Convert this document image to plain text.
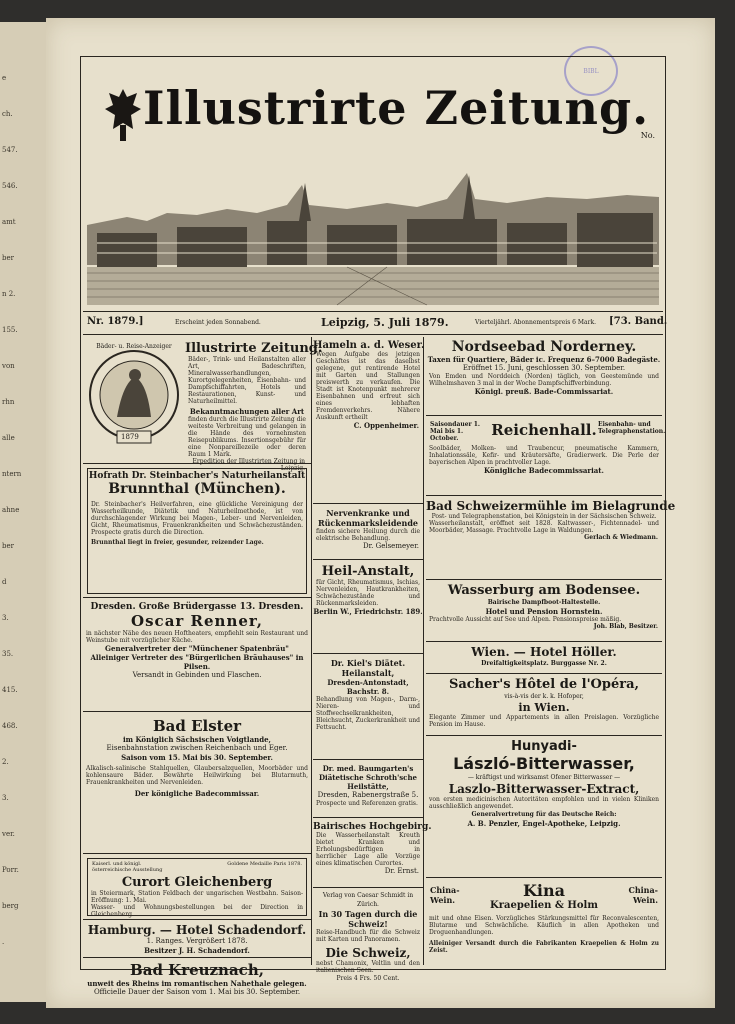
e
ch.
547.
546.
amt
ber
n 2.
155.
von
rhn
alle
ntern
ahne
ber
d
3.
35.
415.
468.
2.
3.
ver.
Porr.
berg
.
BIBL
Illustrirte Zeitung.
No.
Nr. 1879.]	Erscheint jeden Sonnabend.	Leipzig, 5. Juli 1879.	Vierteljährl. Abonnementspreis 6 Mark. [73. Band.
Bäder- u. Reise-Anzeiger
1879
Illustrirte Zeitung.
Bäder-, Trink- und Heilanstalten aller Art, Badeschriften, Mineralwasserhandlungen, Kurortgelegenheiten, Eisenbahn- und Dampfschiffahrten, Hotels und Restaurationen, Kunst- und Naturheilmittel.
Bekanntmachungen aller Art
finden durch die Illustrirte Zeitung die weiteste Verbreitung und gelangen in die Hände des vornehmsten Reisepublikums. Insertionsgebühr für eine Nonpareillezeile oder deren Raum 1 Mark.
Erpedition der Illustrirten Zeitung in Leipzig.
Hofrath Dr. Steinbacher's Naturheilanstalt
Brunnthal (München).
Dr. Steinbacher's Heilverfahren, eine glückliche Vereinigung der Wasserheilkunde, Diätetik und Naturheilmethode, ist von durchschlagender Wirkung bei Magen-, Leber- und Nervenleiden, Gicht, Rheumatismus, Frauenkrankheiten und Schwächezuständen. Prospecte gratis durch die Direction.
Brunnthal liegt in freier, gesunder, reizender Lage.
Dresden. Große Brüdergasse 13. Dresden.
Oscar Renner,
in nächster Nähe des neuen Hoftheaters, empfiehlt sein Restaurant und Weinstube mit vorzüglicher Küche.
Generalvertreter der "Münchener Spatenbräu"
Alleiniger Vertreter des "Bürgerlichen Bräuhauses" in Pilsen.
Versandt in Gebinden und Flaschen.
Bad Elster
im Königlich Sächsischen Voigtlande,
Eisenbahnstation zwischen Reichenbach und Eger.
Saison vom 15. Mai bis 30. September.
Alkalisch-salinische Stahlquellen, Glaubersalzquellen, Moorbäder und kohlensaure Bäder. Bewährte Heilwirkung bei Blutarmuth, Frauenkrankheiten und Nervenleiden.
Der königliche Badecommissar.
Kaiserl. und königl. österreichische Ausstellung
Goldene Medaille Paris 1878.
Curort Gleichenberg
in Steiermark, Station Feldbach der ungarischen Westbahn. Saison-Eröffnung: 1. Mai.
Wasser- und Wohnungsbestellungen bei der Direction in Gleichenberg.
Hamburg. — Hotel Schadendorf.
1. Ranges. Vergrößert 1878.
Besitzer J. H. Schadendorf.
Bad Kreuznach,
unweit des Rheins im romantischen Nahethale gelegen.
Officielle Dauer der Saison vom 1. Mai bis 30. September.
Hameln a. d. Weser.
Wegen Aufgabe des jetzigen Geschäftes ist das daselbst gelegene, gut rentirende Hotel mit Garten und Stallungen preiswerth zu verkaufen. Die Stadt ist Knotenpunkt mehrerer Eisenbahnen und erfreut sich eines lebhaften Fremdenverkehrs. Nähere Auskunft ertheilt
C. Oppenheimer.
Nervenkranke und Rückenmarksleidende
finden sichere Heilung durch die elektrische Behandlung.
Dr. Gelsemeyer.
Heil-Anstalt,
für Gicht, Rheumatismus, Ischias, Nervenleiden, Hautkrankheiten, Schwächezustände und Rückenmarksleiden.
Berlin W., Friedrichstr. 189.
Dr. Kiel's Diätet. Heilanstalt,
Dresden-Antonstadt, Bachstr. 8.
Behandlung von Magen-, Darm-, Nieren- und Stoffwechselkrankheiten, Bleichsucht, Zuckerkrankheit und Fettsucht.
Dr. med. Baumgarten's Diätetische Schroth'sche Heilstätte,
Dresden, Rabenergstraße 5.
Prospecte und Referenzen gratis.
Bairisches Hochgebirg.
Die Wasserheilanstalt Kreuth bietet Kranken und Erholungsbedürftigen in herrlicher Lage alle Vorzüge eines klimatischen Curortes.
Dr. Ernst.
Verlag von Caesar Schmidt in Zürich.
In 30 Tagen durch die Schweiz!
Reise-Handbuch für die Schweiz mit Karten und Panoramen.
Die Schweiz,
nebst Chamonix, Veltlin und den italienischen Seen.
Preis 4 Frs. 50 Cent.
Nordseebad Norderney.
Taxen für Quartiere, Bäder ic. Frequenz 6–7000 Badegäste.
Eröffnet 15. Juni, geschlossen 30. September.
Von Emden und Norddeich (Norden) täglich, von Geestemünde und Wilhelmshaven 3 mal in der Woche Dampfschiffverbindung.
Königl. preuß. Bade-Commissariat.
Saisondauer 1. Mai bis 1. October.
Eisenbahn- und Telegraphenstation.
Reichenhall.
Soolbäder, Molken- und Traubencur, pneumatische Kammern, Inhalationssäle, Kefir- und Kräutersäfte, Gradierwerk. Die Perle der bayerischen Alpen in prachtvoller Lage.
Königliche Badecommissariat.
Bad Schweizermühle im Bielagrunde
Post- und Telegraphenstation, bei Königstein in der Sächsischen Schweiz.
Wasserheilanstalt, eröffnet seit 1828. Kaltwasser-, Fichtennadel- und Moorbäder, Massage. Prachtvolle Lage in Waldungen.
Gerlach & Wiedmann.
Wasserburg am Bodensee.
Bairische Dampfboot-Haltestelle.
Hotel und Pension Hornstein.
Prachtvolle Aussicht auf See und Alpen. Pensionspreise mäßig.
Joh. Blab, Besitzer.
Wien. — Hotel Höller.
Dreifaltigkeitsplatz. Burggasse Nr. 2.
Sacher's Hôtel de l'Opéra,
vis-à-vis der k. k. Hofoper,
in Wien.
Elegante Zimmer und Appartements in allen Preislagen. Vorzügliche Pension im Hause.
Hunyadi-
László-Bitterwasser,
— kräftigst und wirksamst Ofener Bitterwasser —
Laszlo-Bitterwasser-Extract,
von ersten medicinischen Autoritäten empfohlen und in vielen Kliniken ausschließlich angewendet.
Generalvertretung für das Deutsche Reich:
A. B. Penzler, Engel-Apotheke, Leipzig.
China-Wein.
China-Wein.
Kina
Kraepelien & Holm
mit und ohne Eisen. Vorzügliches Stärkungsmittel für Reconvalescenten, Blutarme und Schwächliche. Käuflich in allen Apotheken und Droguenhandlungen.
Alleiniger Versandt durch die Fabrikanten Kraepelien & Holm zu Zeist.
